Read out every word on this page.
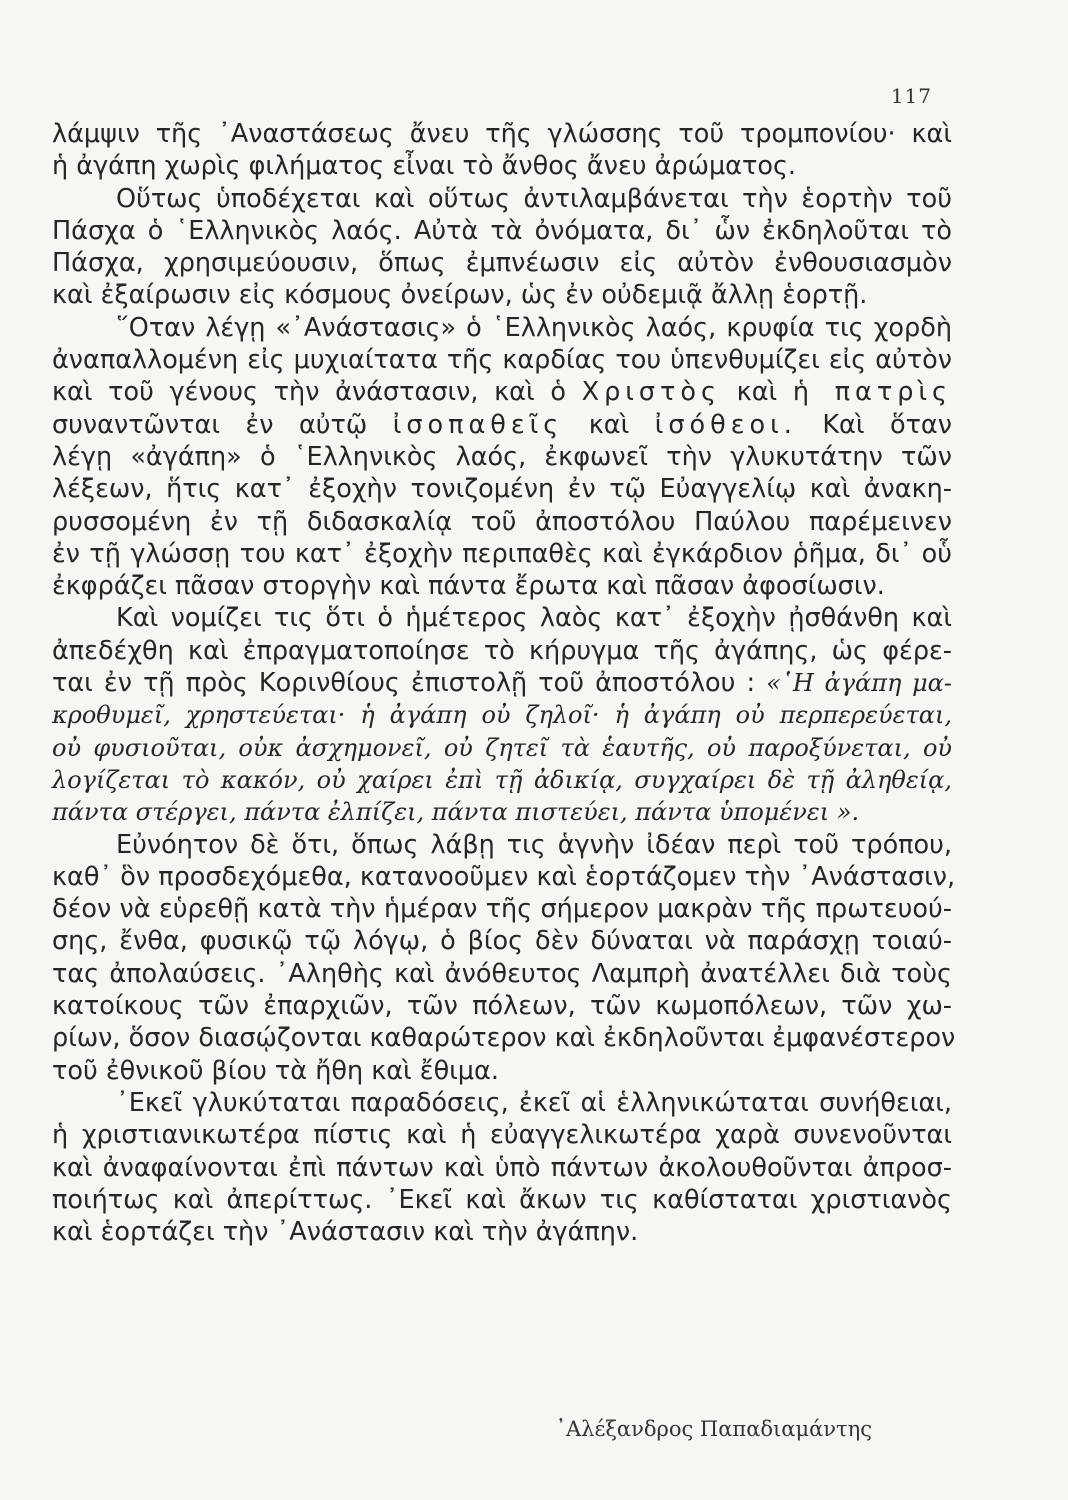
117
λάμψιν τῆς ᾿Αναστάσεως ἄνευ τῆς γλώσσης τοῦ τρομπονίου· καὶ
ἡ ἀγάπη χωρὶς φιλήματος εἶναι τὸ ἄνθος ἄνευ ἀρώματος.
Οὕτως ὑποδέχεται καὶ οὕτως ἀντιλαμβάνεται τὴν ἑορτὴν τοῦ
Πάσχα ὁ ῾Ελληνικὸς λαός. Αὐτὰ τὰ ὀνόματα, δι᾿ ὧν ἐκδηλοῦται τὸ
Πάσχα, χρησιμεύουσιν, ὅπως ἐμπνέωσιν εἰς αὐτὸν ἐνθουσιασμὸν
καὶ ἐξαίρωσιν εἰς κόσμους ὀνείρων, ὡς ἐν οὐδεμιᾷ ἄλλῃ ἑορτῇ.
῞Οταν λέγῃ «᾿Ανάστασις» ὁ ῾Ελληνικὸς λαός, κρυφία τις χορδὴ
ἀναπαλλομένη εἰς μυχιαίτατα τῆς καρδίας του ὑπενθυμίζει εἰς αὐτὸν
καὶ τοῦ γένους τὴν ἀνάστασιν, καὶ ὁ Χριστὸς καὶ ἡ πατρὶς
συναντῶνται ἐν αὐτῷ ἰσοπαθεῖς καὶ ἰσόθεοι. Καὶ ὅταν
λέγῃ «ἀγάπη» ὁ ῾Ελληνικὸς λαός, ἐκφωνεῖ τὴν γλυκυτάτην τῶν
λέξεων, ἥτις κατ᾿ ἐξοχὴν τονιζομένη ἐν τῷ Εὐαγγελίῳ καὶ ἀνακη-
ρυσσομένη ἐν τῇ διδασκαλίᾳ τοῦ ἀποστόλου Παύλου παρέμεινεν
ἐν τῇ γλώσσῃ του κατ᾿ ἐξοχὴν περιπαθὲς καὶ ἐγκάρδιον ῥῆμα, δι᾿ οὗ
ἐκφράζει πᾶσαν στοργὴν καὶ πάντα ἔρωτα καὶ πᾶσαν ἀφοσίωσιν.
Καὶ νομίζει τις ὅτι ὁ ἡμέτερος λαὸς κατ᾿ ἐξοχὴν ᾐσθάνθη καὶ
ἀπεδέχθη καὶ ἐπραγματοποίησε τὸ κήρυγμα τῆς ἀγάπης, ὡς φέρε-
ται ἐν τῇ πρὸς Κορινθίους ἐπιστολῇ τοῦ ἀποστόλου : «῾Η ἀγάπη μα-
κροθυμεῖ, χρηστεύεται· ἡ ἀγάπη οὐ ζηλοῖ· ἡ ἀγάπη οὐ περπερεύεται,
οὐ φυσιοῦται, οὐκ ἀσχημονεῖ, οὐ ζητεῖ τὰ ἑαυτῆς, οὐ παροξύνεται, οὐ
λογίζεται τὸ κακόν, οὐ χαίρει ἐπὶ τῇ ἀδικίᾳ, συγχαίρει δὲ τῇ ἀληθείᾳ,
πάντα στέργει, πάντα ἐλπίζει, πάντα πιστεύει, πάντα ὑπομένει ».
Εὐνόητον δὲ ὅτι, ὅπως λάβῃ τις ἁγνὴν ἰδέαν περὶ τοῦ τρόπου,
καθ᾿ ὃν προσδεχόμεθα, κατανοοῦμεν καὶ ἑορτάζομεν τὴν ᾿Ανάστασιν,
δέον νὰ εὑρεθῇ κατὰ τὴν ἡμέραν τῆς σήμερον μακρὰν τῆς πρωτευού-
σης, ἔνθα, φυσικῷ τῷ λόγῳ, ὁ βίος δὲν δύναται νὰ παράσχῃ τοιαύ-
τας ἀπολαύσεις. ᾿Αληθὴς καὶ ἀνόθευτος Λαμπρὴ ἀνατέλλει διὰ τοὺς
κατοίκους τῶν ἐπαρχιῶν, τῶν πόλεων, τῶν κωμοπόλεων, τῶν χω-
ρίων, ὅσον διασῴζονται καθαρώτερον καὶ ἐκδηλοῦνται ἐμφανέστερον
τοῦ ἐθνικοῦ βίου τὰ ἤθη καὶ ἔθιμα.
᾿Εκεῖ γλυκύταται παραδόσεις, ἐκεῖ αἱ ἑλληνικώταται συνήθειαι,
ἡ χριστιανικωτέρα πίστις καὶ ἡ εὐαγγελικωτέρα χαρὰ συνενοῦνται
καὶ ἀναφαίνονται ἐπὶ πάντων καὶ ὑπὸ πάντων ἀκολουθοῦνται ἀπροσ-
ποιήτως καὶ ἀπερίττως. ᾿Εκεῖ καὶ ἄκων τις καθίσταται χριστιανὸς
καὶ ἑορτάζει τὴν ᾿Ανάστασιν καὶ τὴν ἀγάπην.
᾿Αλέξανδρος Παπαδιαμάντης
